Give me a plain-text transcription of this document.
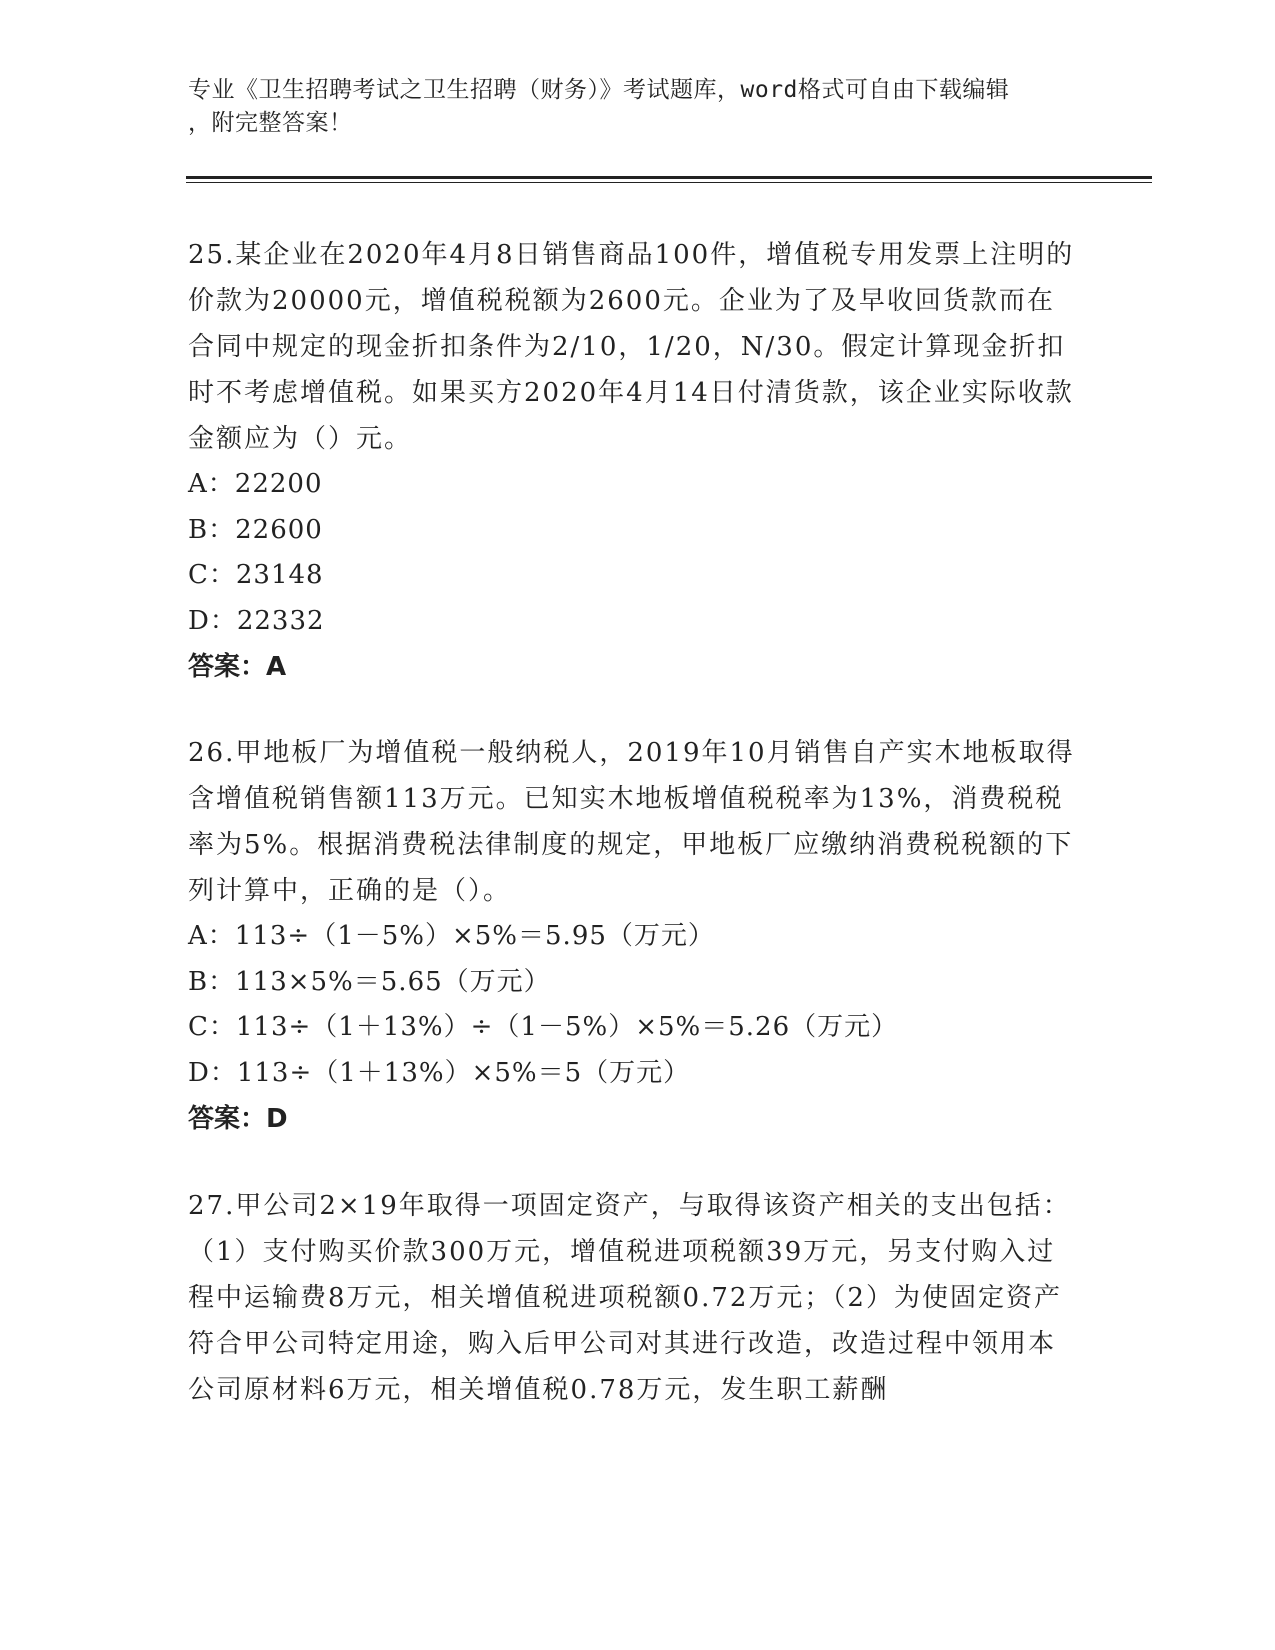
专业《卫生招聘考试之卫生招聘（财务）》考试题库，word格式可自由下载编辑
，附完整答案！

25.某企业在2020年4月8日销售商品100件，增值税专用发票上注明的价款为20000元，增值税税额为2600元。企业为了及早收回货款而在合同中规定的现金折扣条件为2/10，1/20，N/30。假定计算现金折扣时不考虑增值税。如果买方2020年4月14日付清货款，该企业实际收款金额应为（）元。

A：22200

B：22600

C：23148

D：22332

答案：A

26.甲地板厂为增值税一般纳税人，2019年10月销售自产实木地板取得含增值税销售额113万元。已知实木地板增值税税率为13%，消费税税率为5%。根据消费税法律制度的规定，甲地板厂应缴纳消费税税额的下列计算中，正确的是（）。

A：113÷（1－5%）×5%＝5.95（万元）

B：113×5%＝5.65（万元）

C：113÷（1＋13%）÷（1－5%）×5%＝5.26（万元）

D：113÷（1＋13%）×5%＝5（万元）

答案：D

27.甲公司2×19年取得一项固定资产，与取得该资产相关的支出包括：（1）支付购买价款300万元，增值税进项税额39万元，另支付购入过程中运输费8万元，相关增值税进项税额0.72万元；（2）为使固定资产符合甲公司特定用途，购入后甲公司对其进行改造，改造过程中领用本公司原材料6万元，相关增值税0.78万元，发生职工薪酬
